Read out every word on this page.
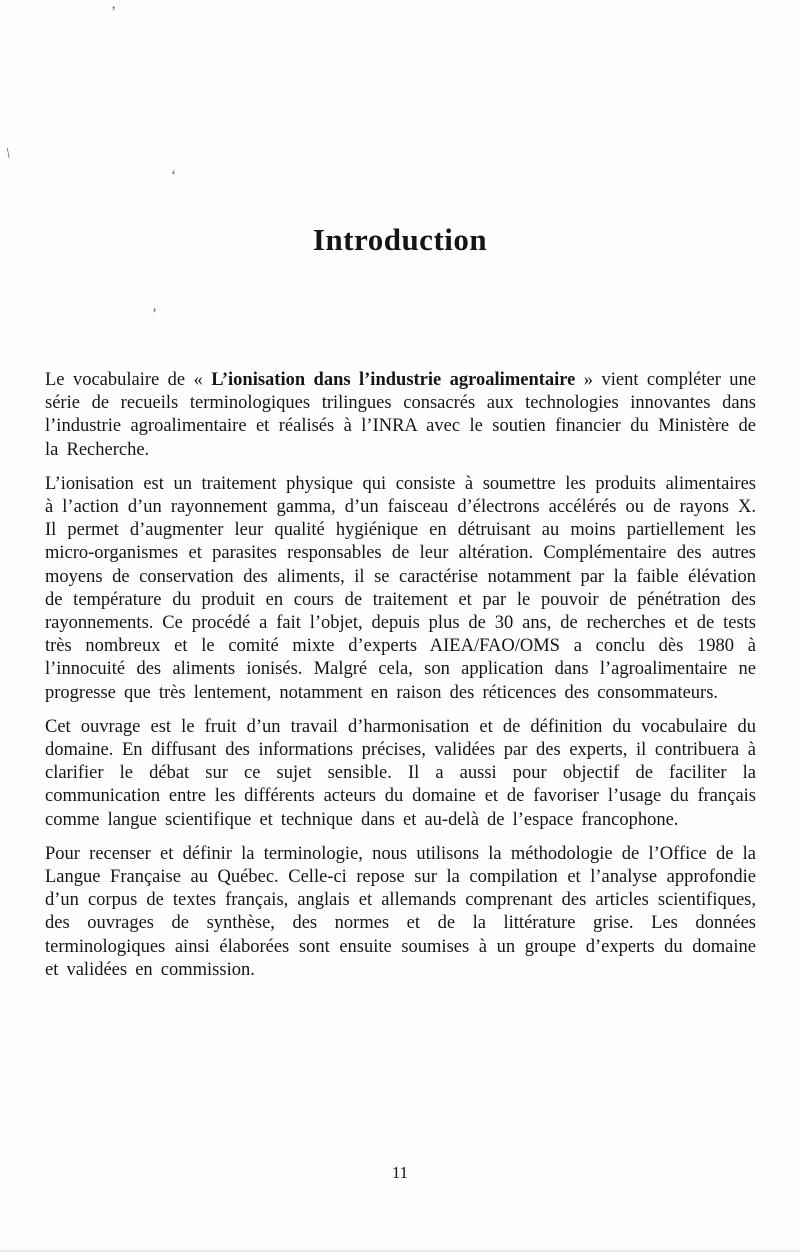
’
\
‘
’
Introduction

Le vocabulaire de « L’ionisation dans l’industrie agroalimentaire » vient compléter une série de recueils terminologiques trilingues consacrés aux technologies innovantes dans l’industrie agroalimentaire et réalisés à l’INRA avec le soutien financier du Ministère de la Recherche.

L’ionisation est un traitement physique qui consiste à soumettre les produits alimentaires à l’action d’un rayonnement gamma, d’un faisceau d’électrons accélérés ou de rayons X. Il permet d’augmenter leur qualité hygiénique en détruisant au moins partiellement les micro-organismes et parasites responsables de leur altération. Complémentaire des autres moyens de conservation des aliments, il se caractérise notamment par la faible élévation de température du produit en cours de traitement et par le pouvoir de pénétration des rayonnements. Ce procédé a fait l’objet, depuis plus de 30 ans, de recherches et de tests très nombreux et le comité mixte d’experts AIEA/FAO/OMS a conclu dès 1980 à l’innocuité des aliments ionisés. Malgré cela, son application dans l’agroalimentaire ne progresse que très lentement, notamment en raison des réticences des consommateurs.

Cet ouvrage est le fruit d’un travail d’harmonisation et de définition du vocabulaire du domaine. En diffusant des informations précises, validées par des experts, il contribuera à clarifier le débat sur ce sujet sensible. Il a aussi pour objectif de faciliter la communication entre les différents acteurs du domaine et de favoriser l’usage du français comme langue scientifique et technique dans et au-delà de l’espace francophone.

Pour recenser et définir la terminologie, nous utilisons la méthodologie de l’Office de la Langue Française au Québec. Celle-ci repose sur la compilation et l’analyse approfondie d’un corpus de textes français, anglais et allemands comprenant des articles scientifiques, des ouvrages de synthèse, des normes et de la littérature grise. Les données terminologiques ainsi élaborées sont ensuite soumises à un groupe d’experts du domaine et validées en commission.

11
